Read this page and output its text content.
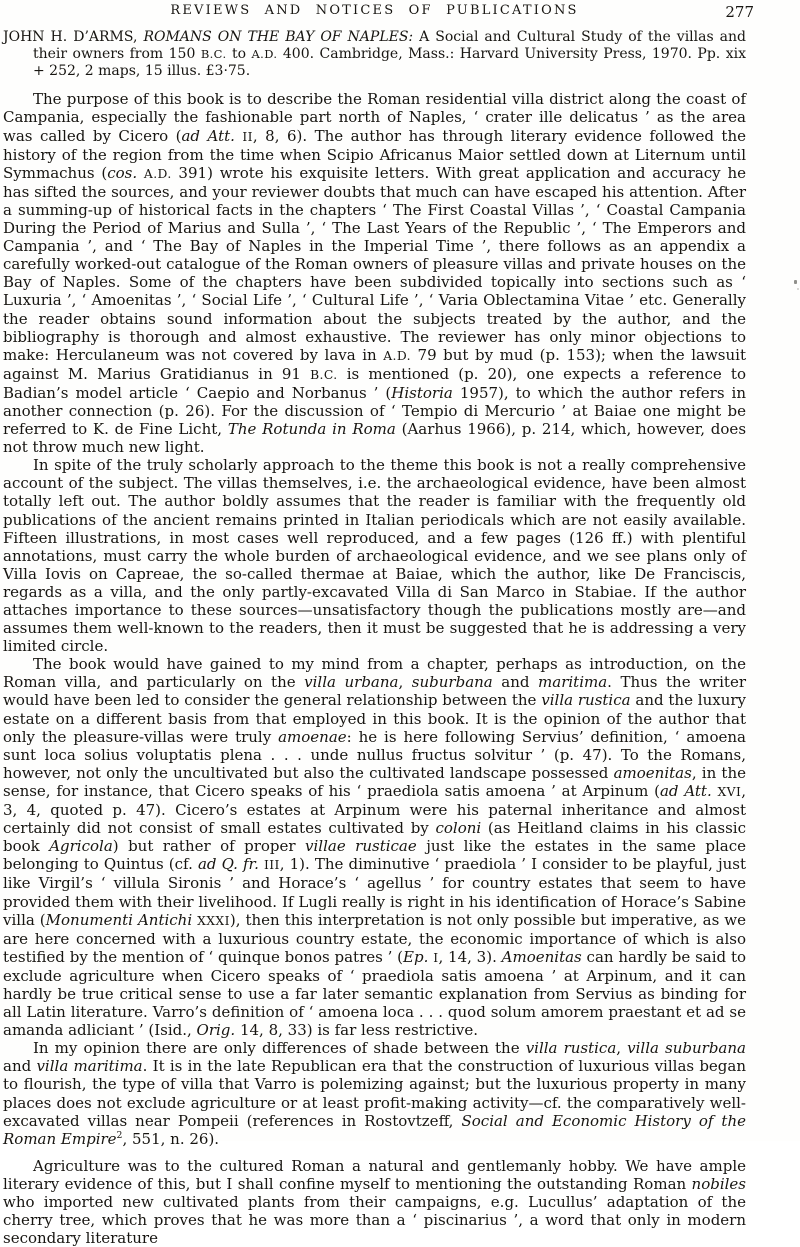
REVIEWS AND NOTICES OF PUBLICATIONS	277

JOHN H. D’ARMS, ROMANS ON THE BAY OF NAPLES: A Social and Cultural Study of the villas and their owners from 150 B.C. to A.D. 400. Cambridge, Mass.: Harvard University Press, 1970. Pp. xix + 252, 2 maps, 15 illus. £3·75.

The purpose of this book is to describe the Roman residential villa district along the coast of Campania, especially the fashionable part north of Naples, ‘ crater ille delicatus ’ as the area was called by Cicero (ad Att. II, 8, 6). The author has through literary evidence followed the history of the region from the time when Scipio Africanus Maior settled down at Liternum until Symmachus (cos. A.D. 391) wrote his exquisite letters. With great application and accuracy he has sifted the sources, and your reviewer doubts that much can have escaped his attention. After a summing-up of historical facts in the chapters ‘ The First Coastal Villas ’, ‘ Coastal Campania During the Period of Marius and Sulla ’, ‘ The Last Years of the Republic ’, ‘ The Emperors and Campania ’, and ‘ The Bay of Naples in the Imperial Time ’, there follows as an appendix a carefully worked-out catalogue of the Roman owners of pleasure villas and private houses on the Bay of Naples. Some of the chapters have been subdivided topically into sections such as ‘ Luxuria ’, ‘ Amoenitas ’, ‘ Social Life ’, ‘ Cultural Life ’, ‘ Varia Oblectamina Vitae ’ etc. Generally the reader obtains sound information about the subjects treated by the author, and the bibliography is thorough and almost exhaustive. The reviewer has only minor objections to make: Herculaneum was not covered by lava in A.D. 79 but by mud (p. 153); when the lawsuit against M. Marius Gratidianus in 91 B.C. is mentioned (p. 20), one expects a reference to Badian’s model article ‘ Caepio and Norbanus ’ (Historia 1957), to which the author refers in another connection (p. 26). For the discussion of ‘ Tempio di Mercurio ’ at Baiae one might be referred to K. de Fine Licht, The Rotunda in Roma (Aarhus 1966), p. 214, which, however, does not throw much new light.

In spite of the truly scholarly approach to the theme this book is not a really comprehensive account of the subject. The villas themselves, i.e. the archaeological evidence, have been almost totally left out. The author boldly assumes that the reader is familiar with the frequently old publications of the ancient remains printed in Italian periodicals which are not easily available. Fifteen illustrations, in most cases well reproduced, and a few pages (126 ff.) with plentiful annotations, must carry the whole burden of archaeological evidence, and we see plans only of Villa Iovis on Capreae, the so-called thermae at Baiae, which the author, like De Franciscis, regards as a villa, and the only partly-excavated Villa di San Marco in Stabiae. If the author attaches importance to these sources—unsatisfactory though the publications mostly are—and assumes them well-known to the readers, then it must be suggested that he is addressing a very limited circle.

The book would have gained to my mind from a chapter, perhaps as introduction, on the Roman villa, and particularly on the villa urbana, suburbana and maritima. Thus the writer would have been led to consider the general relationship between the villa rustica and the luxury estate on a different basis from that employed in this book. It is the opinion of the author that only the pleasure-villas were truly amoenae: he is here following Servius’ definition, ‘ amoena sunt loca solius voluptatis plena . . . unde nullus fructus solvitur ’ (p. 47). To the Romans, however, not only the uncultivated but also the cultivated landscape possessed amoenitas, in the sense, for instance, that Cicero speaks of his ‘ praediola satis amoena ’ at Arpinum (ad Att. XVI, 3, 4, quoted p. 47). Cicero’s estates at Arpinum were his paternal inheritance and almost certainly did not consist of small estates cultivated by coloni (as Heitland claims in his classic book Agricola) but rather of proper villae rusticae just like the estates in the same place belonging to Quintus (cf. ad Q. fr. III, 1). The diminutive ‘ praediola ’ I consider to be playful, just like Virgil’s ‘ villula Sironis ’ and Horace’s ‘ agellus ’ for country estates that seem to have provided them with their livelihood. If Lugli really is right in his identification of Horace’s Sabine villa (Monumenti Antichi XXXI), then this interpretation is not only possible but imperative, as we are here concerned with a luxurious country estate, the economic importance of which is also testified by the mention of ‘ quinque bonos patres ’ (Ep. I, 14, 3). Amoenitas can hardly be said to exclude agriculture when Cicero speaks of ‘ praediola satis amoena ’ at Arpinum, and it can hardly be true critical sense to use a far later semantic explanation from Servius as binding for all Latin literature. Varro’s definition of ‘ amoena loca . . . quod solum amorem praestant et ad se amanda adliciant ’ (Isid., Orig. 14, 8, 33) is far less restrictive.

In my opinion there are only differences of shade between the villa rustica, villa suburbana and villa maritima. It is in the late Republican era that the construction of luxurious villas began to flourish, the type of villa that Varro is polemizing against; but the luxurious property in many places does not exclude agriculture or at least profit-making activity—cf. the comparatively well-excavated villas near Pompeii (references in Rostovtzeff, Social and Economic History of the Roman Empire$^2$, 551, n. 26).

Agriculture was to the cultured Roman a natural and gentlemanly hobby. We have ample literary evidence of this, but I shall confine myself to mentioning the outstanding Roman nobiles who imported new cultivated plants from their campaigns, e.g. Lucullus’ adaptation of the cherry tree, which proves that he was more than a ‘ piscinarius ’, a word that only in modern secondary literature
